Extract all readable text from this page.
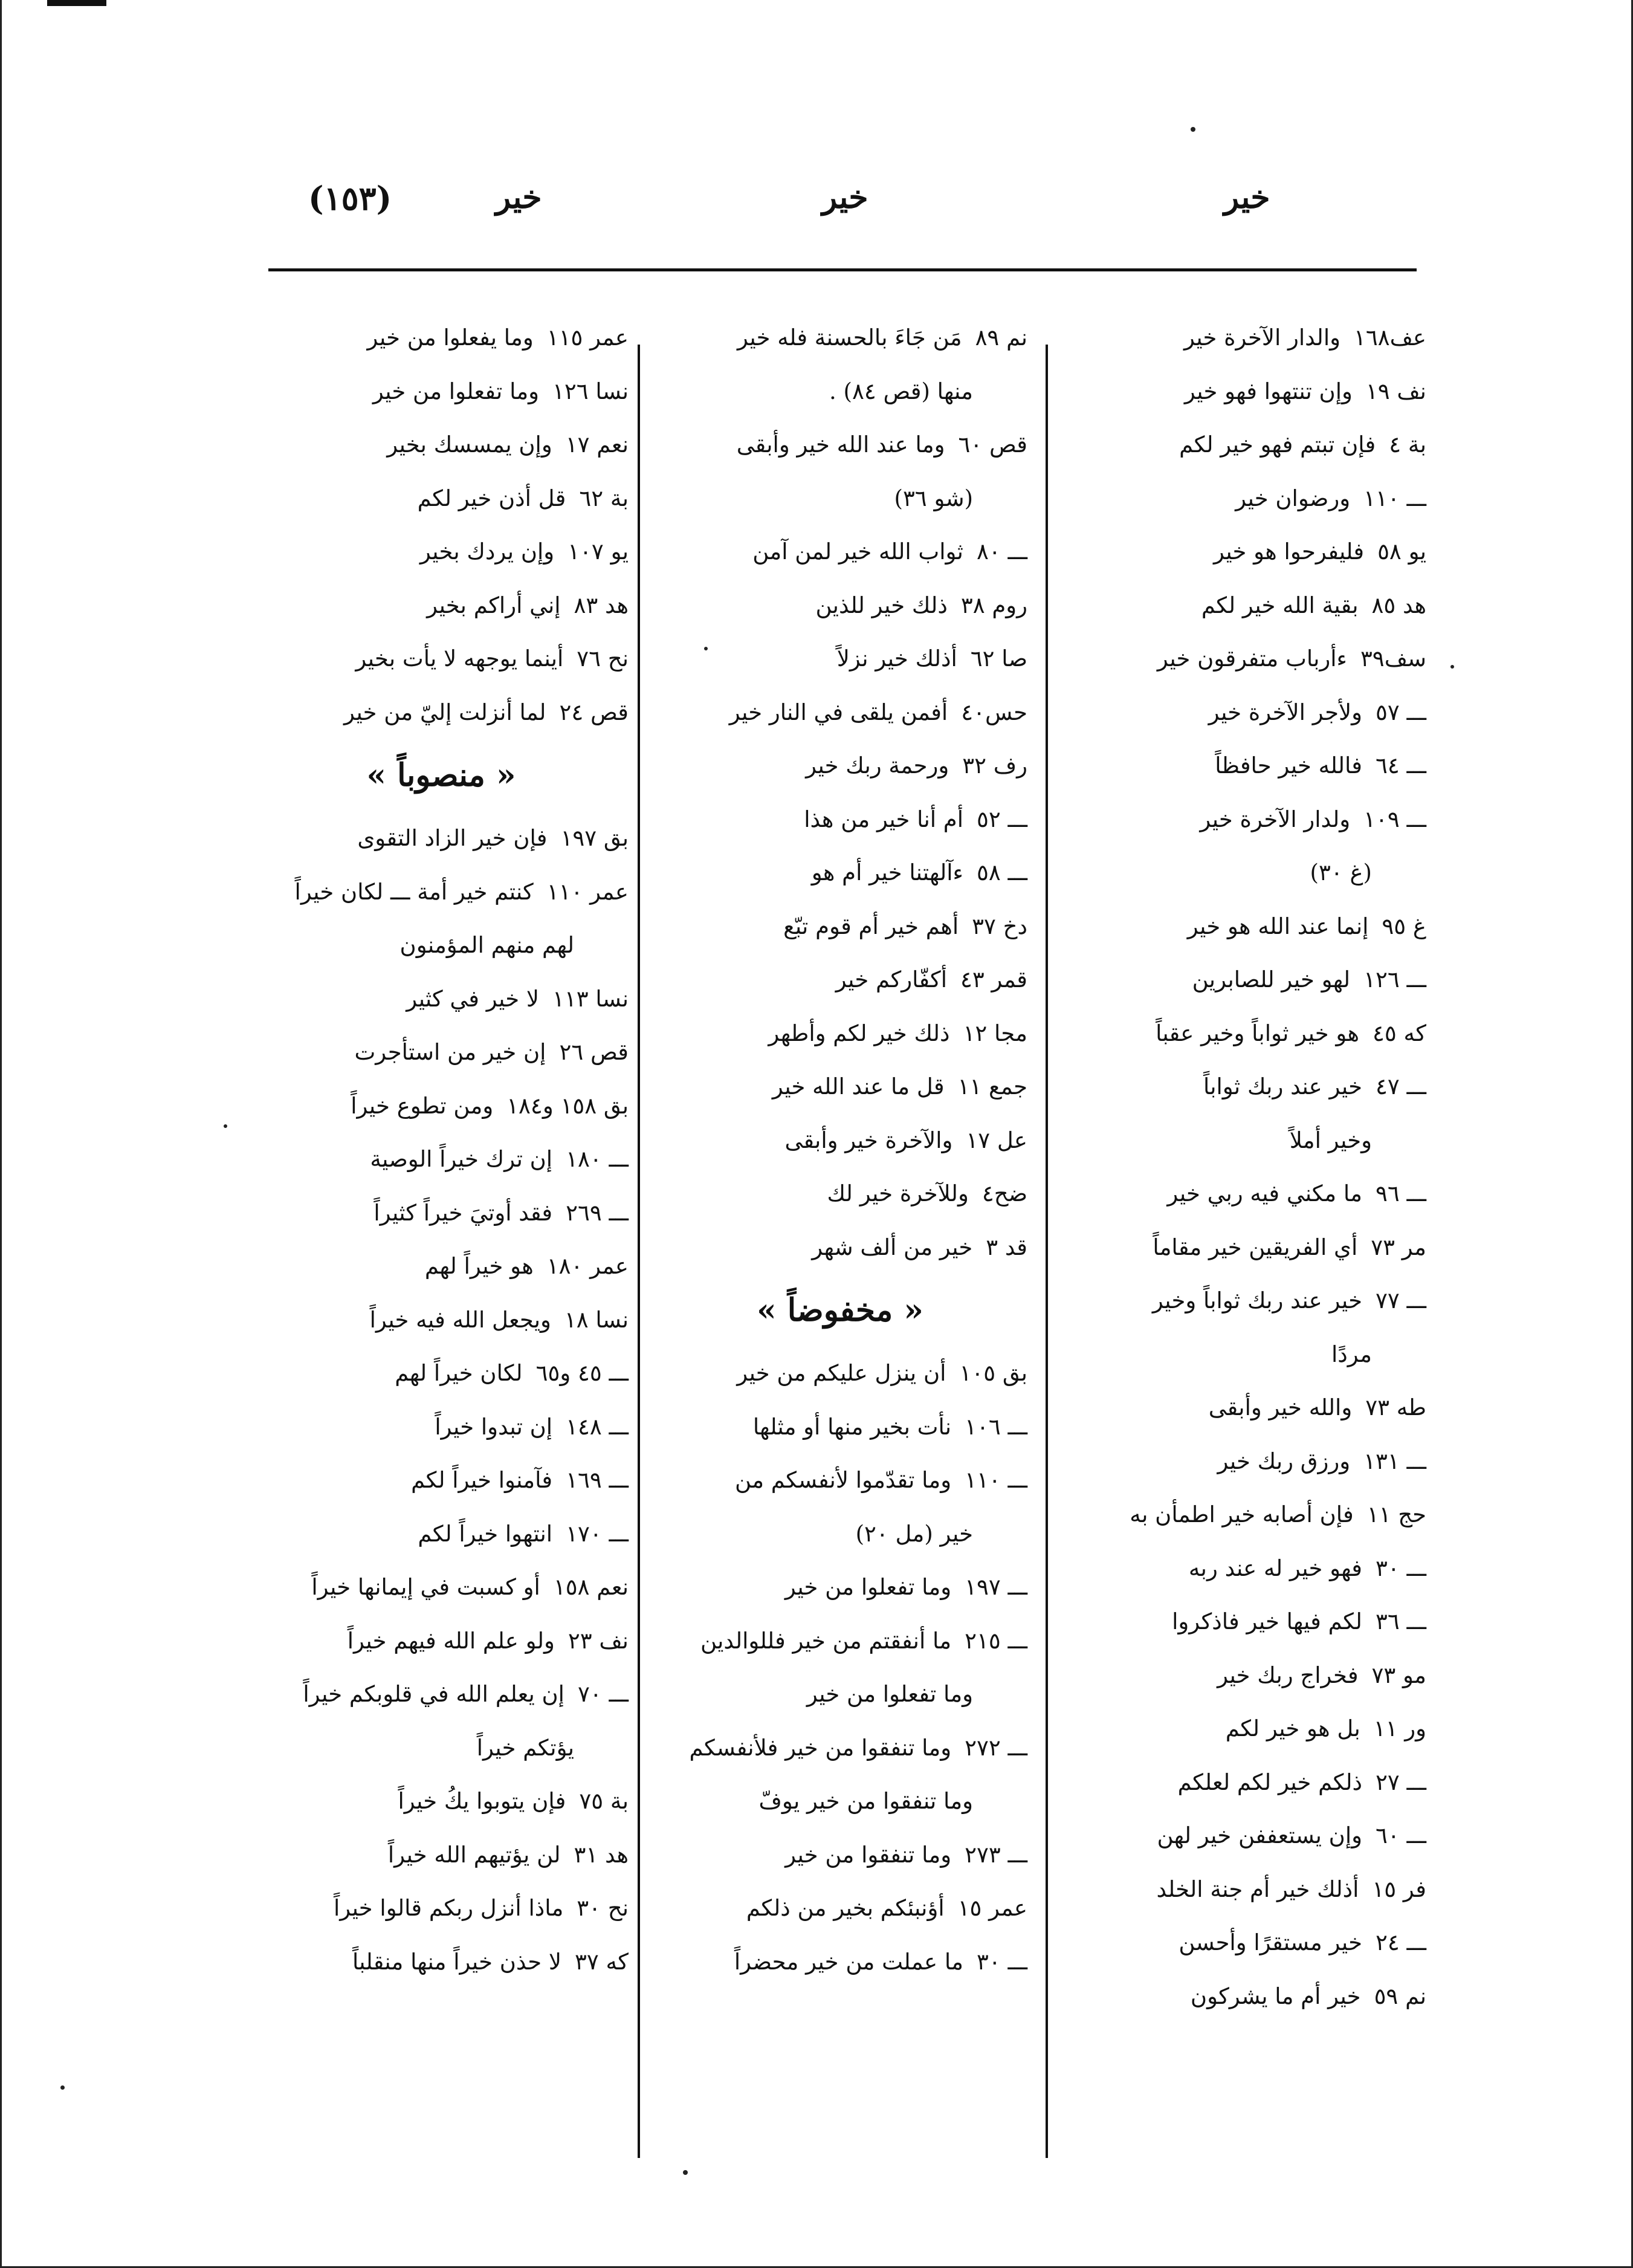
خير
خير
خير
(١٥٣)
عف١٦٨والدار الآخرة خير
نف ١٩وإن تنتهوا فهو خير
بة ٤فإن تبتم فهو خير لكم
ـــ ١١٠ورضوان خير
يو ٥٨فليفرحوا هو خير
هد ٨٥بقية الله خير لكم
سف٣٩ءأرباب متفرقون خير
ـــ ٥٧ولأجر الآخرة خير
ـــ ٦٤فالله خير حافظاً
ـــ ١٠٩ولدار الآخرة خير
(غ ٣٠)
غ ٩٥إنما عند الله هو خير
ـــ ١٢٦لهو خير للصابرين
كه ٤٥هو خير ثواباً وخير عقباً
ـــ ٤٧خير عند ربك ثواباً
وخير أملاً
ـــ ٩٦ما مكني فيه ربي خير
مر ٧٣أي الفريقين خير مقاماً
ـــ ٧٧خير عند ربك ثواباً وخير
مردًا
طه ٧٣والله خير وأبقى
ـــ ١٣١ورزق ربك خير
حج ١١فإن أصابه خير اطمأن به
ـــ ٣٠فهو خير له عند ربه
ـــ ٣٦لكم فيها خير فاذكروا
مو ٧٣فخراج ربك خير
ور ١١بل هو خير لكم
ـــ ٢٧ذلكم خير لكم لعلكم
ـــ ٦٠وإن يستعففن خير لهن
فر ١٥أذلك خير أم جنة الخلد
ـــ ٢٤خير مستقرًا وأحسن
نم ٥٩خير أم ما يشركون
نم ٨٩مَن جَاءَ بالحسنة فله خير
منها (قص ٨٤) .
قص ٦٠وما عند الله خير وأبقى
(شو ٣٦)
ـــ ٨٠ثواب الله خير لمن آمن
روم ٣٨ذلك خير للذين
صا ٦٢أذلك خير نزلاً
حس٤٠أفمن يلقى في النار خير
رف ٣٢ورحمة ربك خير
ـــ ٥٢أم أنا خير من هذا
ـــ ٥٨ءآلهتنا خير أم هو
دخ ٣٧أهم خير أم قوم تبّع
قمر ٤٣أكفّاركم خير
مجا ١٢ذلك خير لكم وأطهر
جمع ١١قل ما عند الله خير
عل ١٧والآخرة خير وأبقى
ضح٤وللآخرة خير لك
قد ٣خير من ألف شهر
« مخفوضاً »
بق ١٠٥أن ينزل عليكم من خير
ـــ ١٠٦نأت بخير منها أو مثلها
ـــ ١١٠وما تقدّموا لأنفسكم من
خير (مل ٢٠)
ـــ ١٩٧وما تفعلوا من خير
ـــ ٢١٥ما أنفقتم من خير فللوالدين
وما تفعلوا من خير
ـــ ٢٧٢وما تنفقوا من خير فلأنفسكم
وما تنفقوا من خير يوفّ
ـــ ٢٧٣وما تنفقوا من خير
عمر ١٥أؤنبئكم بخير من ذلكم
ـــ ٣٠ما عملت من خير محضراً
عمر ١١٥وما يفعلوا من خير
نسا ١٢٦وما تفعلوا من خير
نعم ١٧وإن يمسسك بخير
بة ٦٢قل أذن خير لكم
يو ١٠٧وإن يردك بخير
هد ٨٣إني أراكم بخير
نح ٧٦أينما يوجهه لا يأت بخير
قص ٢٤لما أنزلت إليّ من خير
« منصوباً »
بق ١٩٧فإن خير الزاد التقوى
عمر ١١٠كنتم خير أمة ـــ لكان خيراً
لهم منهم المؤمنون
نسا ١١٣لا خير في كثير
قص ٢٦إن خير من استأجرت
بق ١٥٨ و١٨٤ومن تطوع خيراً
ـــ ١٨٠إن ترك خيراً الوصية
ـــ ٢٦٩فقد أوتيَ خيراً كثيراً
عمر ١٨٠هو خيراً لهم
نسا ١٨ويجعل الله فيه خيراً
ـــ ٤٥ و٦٥لكان خيراً لهم
ـــ ١٤٨إن تبدوا خيراً
ـــ ١٦٩فآمنوا خيراً لكم
ـــ ١٧٠انتهوا خيراً لكم
نعم ١٥٨أو كسبت في إيمانها خيراً
نف ٢٣ولو علم الله فيهم خيراً
ـــ ٧٠إن يعلم الله في قلوبكم خيراً
يؤتكم خيراً
بة ٧٥فإن يتوبوا يكُ خيراً
هد ٣١لن يؤتيهم الله خيراً
نح ٣٠ماذا أنزل ربكم قالوا خيراً
كه ٣٧لا حذن خيراً منها منقلباً
